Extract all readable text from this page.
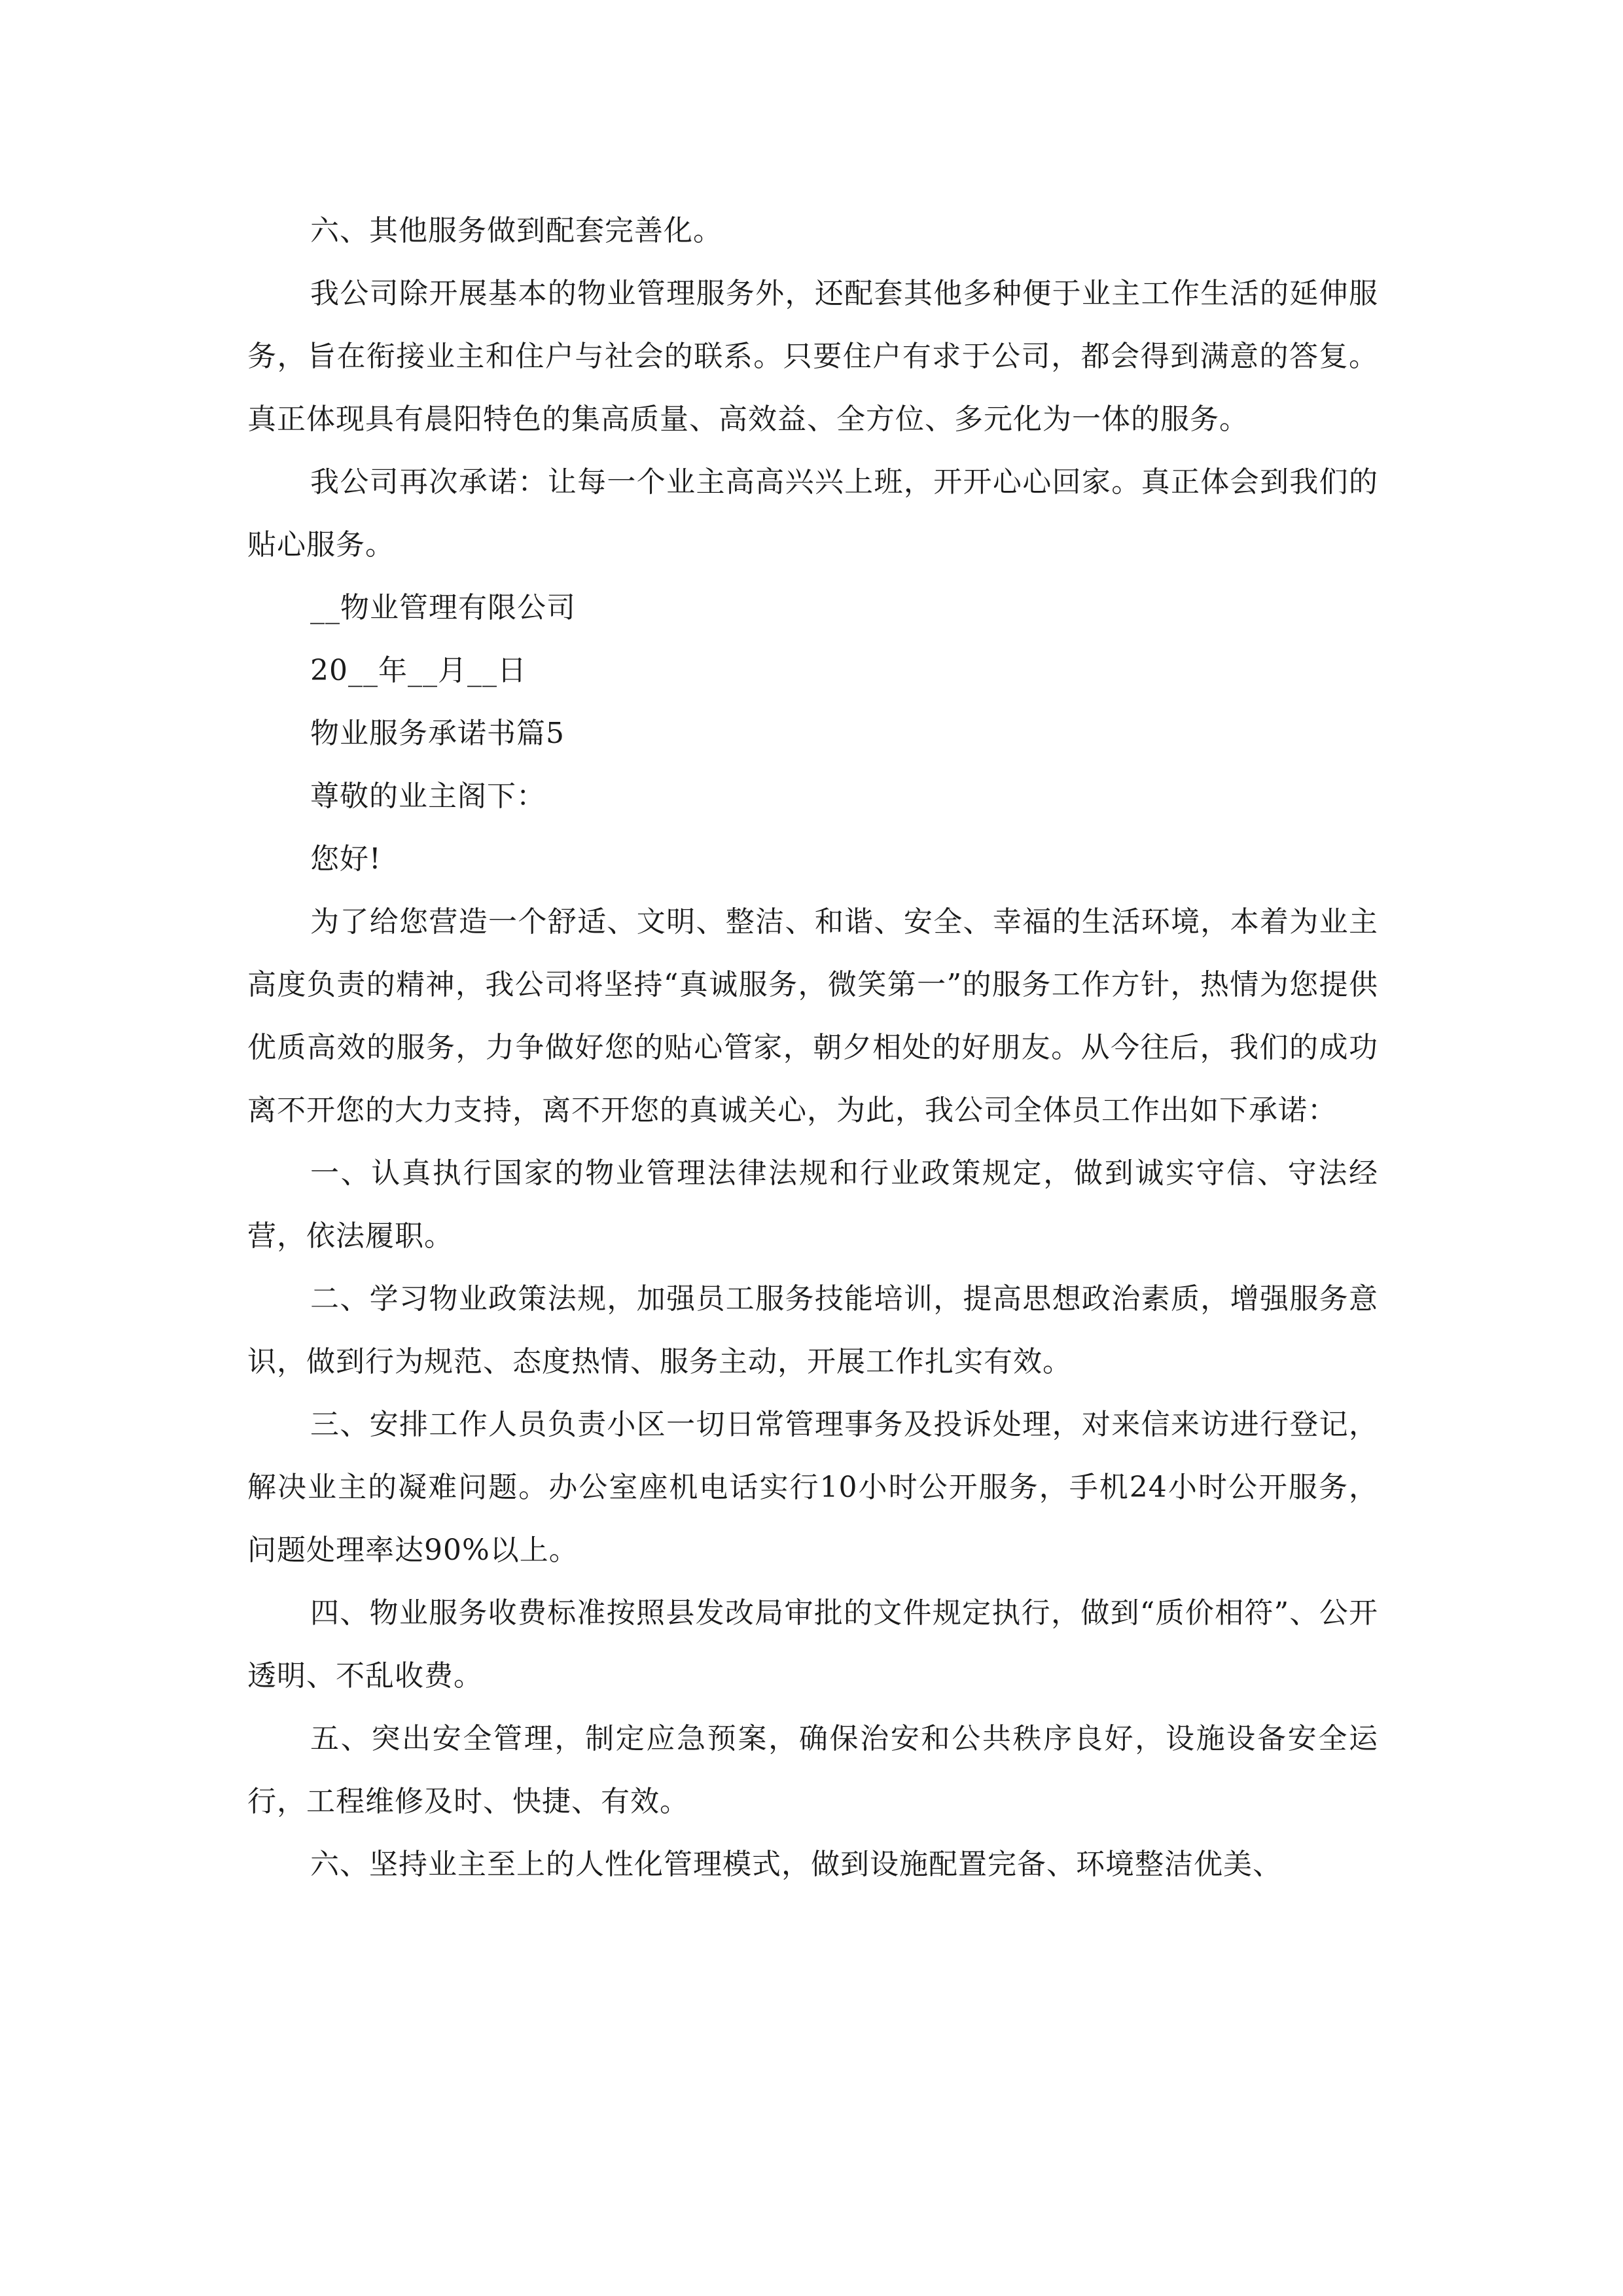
六、其他服务做到配套完善化。

我公司除开展基本的物业管理服务外，还配套其他多种便于业主工作生活的延伸服务，旨在衔接业主和住户与社会的联系。只要住户有求于公司，都会得到满意的答复。真正体现具有晨阳特色的集高质量、高效益、全方位、多元化为一体的服务。

我公司再次承诺：让每一个业主高高兴兴上班，开开心心回家。真正体会到我们的贴心服务。

__物业管理有限公司

20__年__月__日

物业服务承诺书篇5

尊敬的业主阁下：

您好!

为了给您营造一个舒适、文明、整洁、和谐、安全、幸福的生活环境，本着为业主高度负责的精神，我公司将坚持“真诚服务，微笑第一”的服务工作方针，热情为您提供优质高效的服务，力争做好您的贴心管家，朝夕相处的好朋友。从今往后，我们的成功离不开您的大力支持，离不开您的真诚关心，为此，我公司全体员工作出如下承诺：

一、认真执行国家的物业管理法律法规和行业政策规定，做到诚实守信、守法经营，依法履职。

二、学习物业政策法规，加强员工服务技能培训，提高思想政治素质，增强服务意识，做到行为规范、态度热情、服务主动，开展工作扎实有效。

三、安排工作人员负责小区一切日常管理事务及投诉处理，对来信来访进行登记，解决业主的凝难问题。办公室座机电话实行10小时公开服务，手机24小时公开服务，问题处理率达90%以上。

四、物业服务收费标准按照县发改局审批的文件规定执行，做到“质价相符”、公开透明、不乱收费。

五、突出安全管理，制定应急预案，确保治安和公共秩序良好，设施设备安全运行，工程维修及时、快捷、有效。

六、坚持业主至上的人性化管理模式，做到设施配置完备、环境整洁优美、
